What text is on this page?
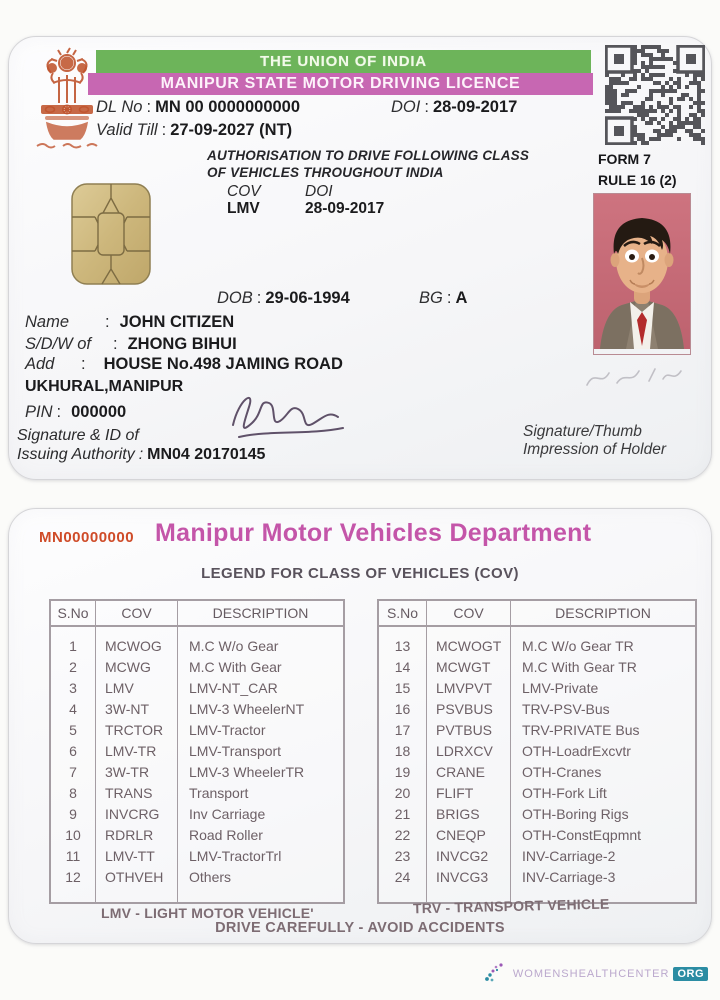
THE UNION OF INDIA
MANIPUR STATE MOTOR DRIVING LICENCE
DL No : MN 00 0000000000	DOI : 28-09-2017
Valid Till : 27-09-2027 (NT)
AUTHORISATION TO DRIVE FOLLOWING CLASS
OF VEHICLES THROUGHOUT INDIA
FORM 7
RULE 16 (2)
COV	DOI
LMV	28-09-2017
DOB : 29-06-1994	BG : A
Name	: JOHN CITIZEN
S/D/W of	: ZHONG BIHUI
Add	:	HOUSE No.498 JAMING ROAD
UKHURAL,MANIPUR
PIN : 000000
Signature & ID of
Issuing Authority : MN04 20170145
Signature/Thumb
Impression of Holder
MN00000000 Manipur Motor Vehicles Department
LEGEND FOR CLASS OF VEHICLES (COV)
S.No	COV	DESCRIPTION
1	MCWOG	M.C W/o Gear
2	MCWG	M.C With Gear
3	LMV	LMV-NT_CAR
4	3W-NT	LMV-3 WheelerNT
5	TRCTOR	LMV-Tractor
6	LMV-TR	LMV-Transport
7	3W-TR	LMV-3 WheelerTR
8	TRANS	Transport
9	INVCRG	Inv Carriage
10	RDRLR	Road Roller
11	LMV-TT	LMV-TractorTrl
12	OTHVEH	Others
S.No	COV	DESCRIPTION
13	MCWOGT	M.C W/o Gear TR
14	MCWGT	M.C With Gear TR
15	LMVPVT	LMV-Private
16	PSVBUS	TRV-PSV-Bus
17	PVTBUS	TRV-PRIVATE Bus
18	LDRXCV	OTH-LoadrExcvtr
19	CRANE	OTH-Cranes
20	FLIFT	OTH-Fork Lift
21	BRIGS	OTH-Boring Rigs
22	CNEQP	OTH-ConstEqpmnt
23	INVCG2	INV-Carriage-2
24	INVCG3	INV-Carriage-3
LMV - LIGHT MOTOR VEHICLE'	TRV - TRANSPORT VEHICLE
DRIVE CAREFULLY - AVOID ACCIDENTS
WOMENSHEALTHCENTER ORG
